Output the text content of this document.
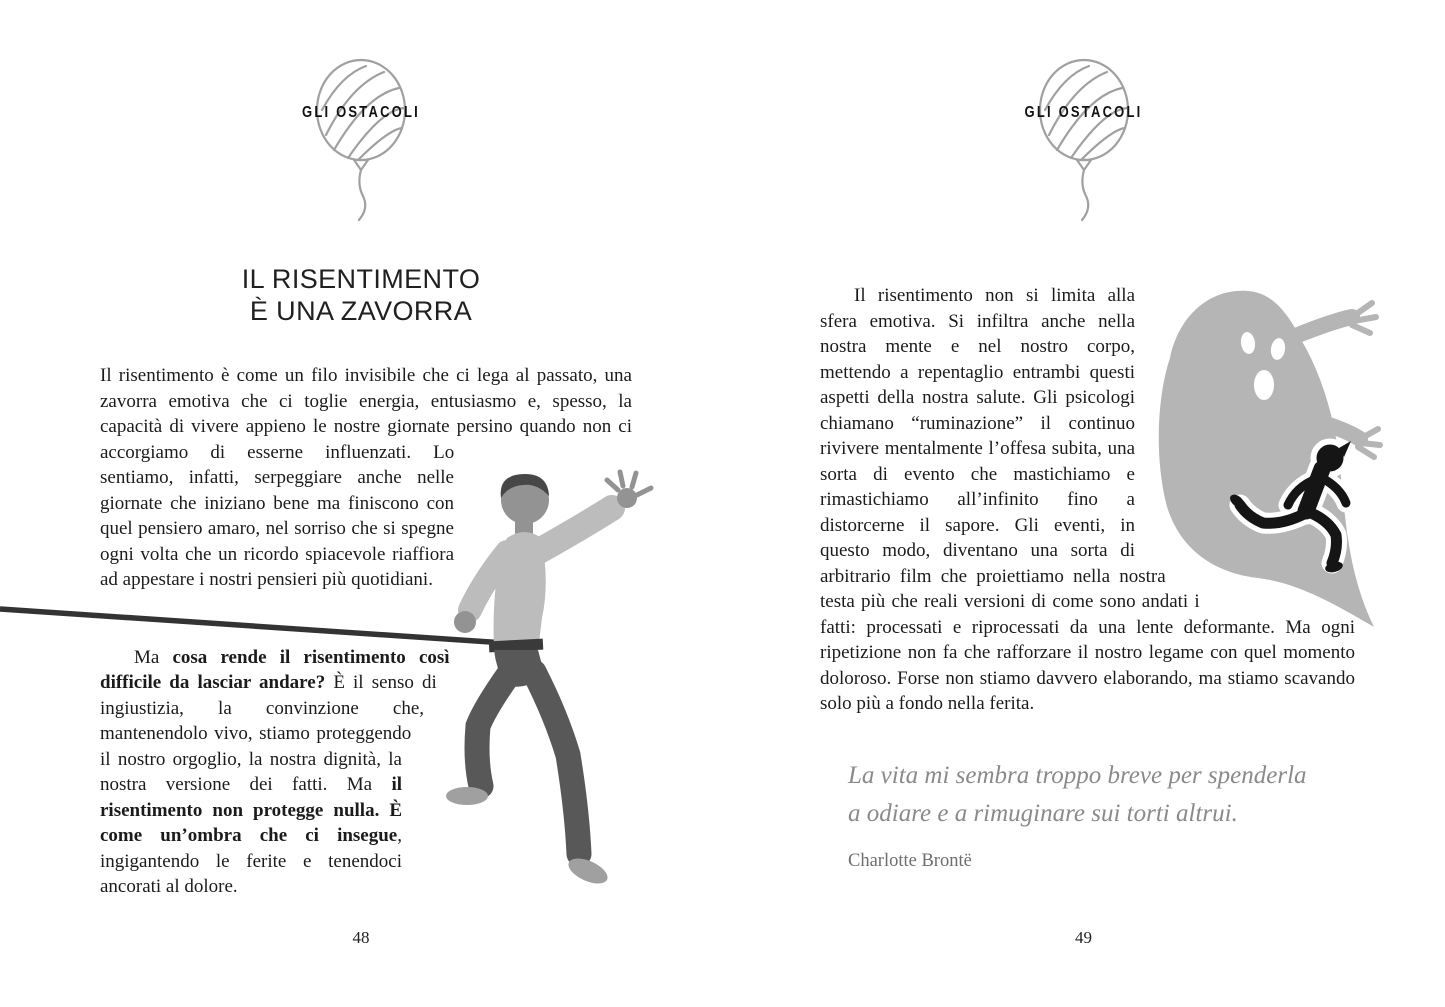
GLI OSTACOLI
IL RISENTIMENTO
È UNA ZAVORRA

Il risentimento è come un filo invisibile che ci lega al passato, una zavorra emotiva che ci toglie energia, entusiasmo e, spesso, la capacità di vivere appieno le nostre giornate persino quando non ci accorgiamo di esserne influenzati. Lo sentiamo, infatti, serpeggiare anche nelle giornate che iniziano bene ma finiscono con quel pensiero amaro, nel sorriso che si spegne ogni volta che un ricordo spiacevole riaffiora ad appestare i nostri pensieri più quotidiani.

Ma cosa rende il risentimento così difficile da lasciar andare? È il senso di ingiustizia, la convinzione che, mantenendolo vivo, stiamo proteggendo il nostro orgoglio, la nostra dignità, la nostra versione dei fatti. Ma il risentimento non protegge nulla. È come un’ombra che ci insegue, ingigantendo le ferite e tenendoci ancorati al dolore.

48
GLI OSTACOLI

Il risentimento non si limita alla sfera emotiva. Si infiltra anche nella nostra mente e nel nostro corpo, mettendo a repentaglio entrambi questi aspetti della nostra salute. Gli psicologi chiamano “ruminazione” il continuo rivivere mentalmente l’offesa subita, una sorta di evento che mastichiamo e rimastichiamo all’infinito fino a distorcerne il sapore. Gli eventi, in questo modo, diventano una sorta di arbitrario film che proiettiamo nella nostra testa più che reali versioni di come sono andati i fatti: processati e riprocessati da una lente deformante. Ma ogni ripetizione non fa che rafforzare il nostro legame con quel momento doloroso. Forse non stiamo davvero elaborando, ma stiamo scavando solo più a fondo nella ferita.

La vita mi sembra troppo breve per spenderla
a odiare e a rimuginare sui torti altrui.
Charlotte Brontë
49
